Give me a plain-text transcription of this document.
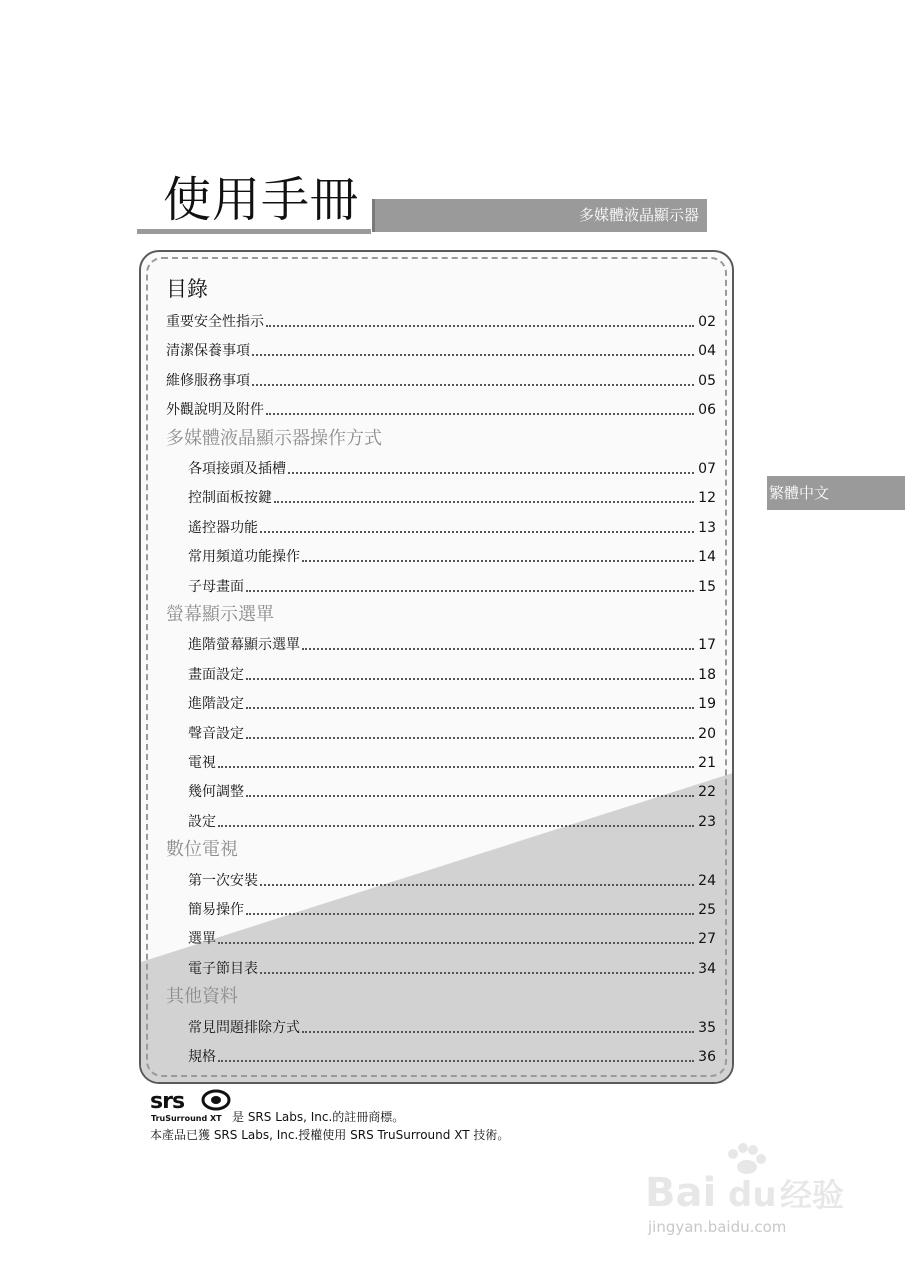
使用手冊	多媒體液晶顯示器
目錄
重要安全性指示	02
清潔保養事項	04
維修服務事項	05
外觀說明及附件	06
多媒體液晶顯示器操作方式
各項接頭及插槽	07
控制面板按鍵	12
遙控器功能	13
常用頻道功能操作	14
子母畫面	15
螢幕顯示選單
進階螢幕顯示選單	17
畫面設定	18
進階設定	19
聲音設定	20
電視	21
幾何調整	22
設定	23
數位電視
第一次安裝	24
簡易操作	25
選單	27
電子節目表	34
其他資料
常見問題排除方式	35
規格	36
繁體中文
srs
TruSurround XT 是 SRS Labs, Inc.的註冊商標。
本產品已獲 SRS Labs, Inc.授權使用 SRS TruSurround XT 技術。
Bai du 经验
jingyan.baidu.com
